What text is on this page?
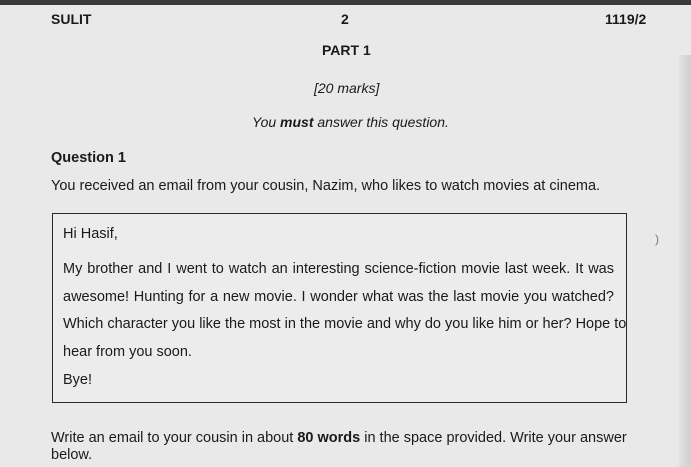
SULIT	2	1119/2
PART 1
[20 marks]
You must answer this question.
Question 1
You received an email from your cousin, Nazim, who likes to watch movies at cinema.
Hi Hasif,
My brother and I went to watch an interesting science-fiction movie last week. It was
awesome! Hunting for a new movie. I wonder what was the last movie you watched?
Which character you like the most in the movie and why do you like him or her? Hope to
hear from you soon.
Bye!
Write an email to your cousin in about 80 words in the space provided. Write your answer
below.
)
